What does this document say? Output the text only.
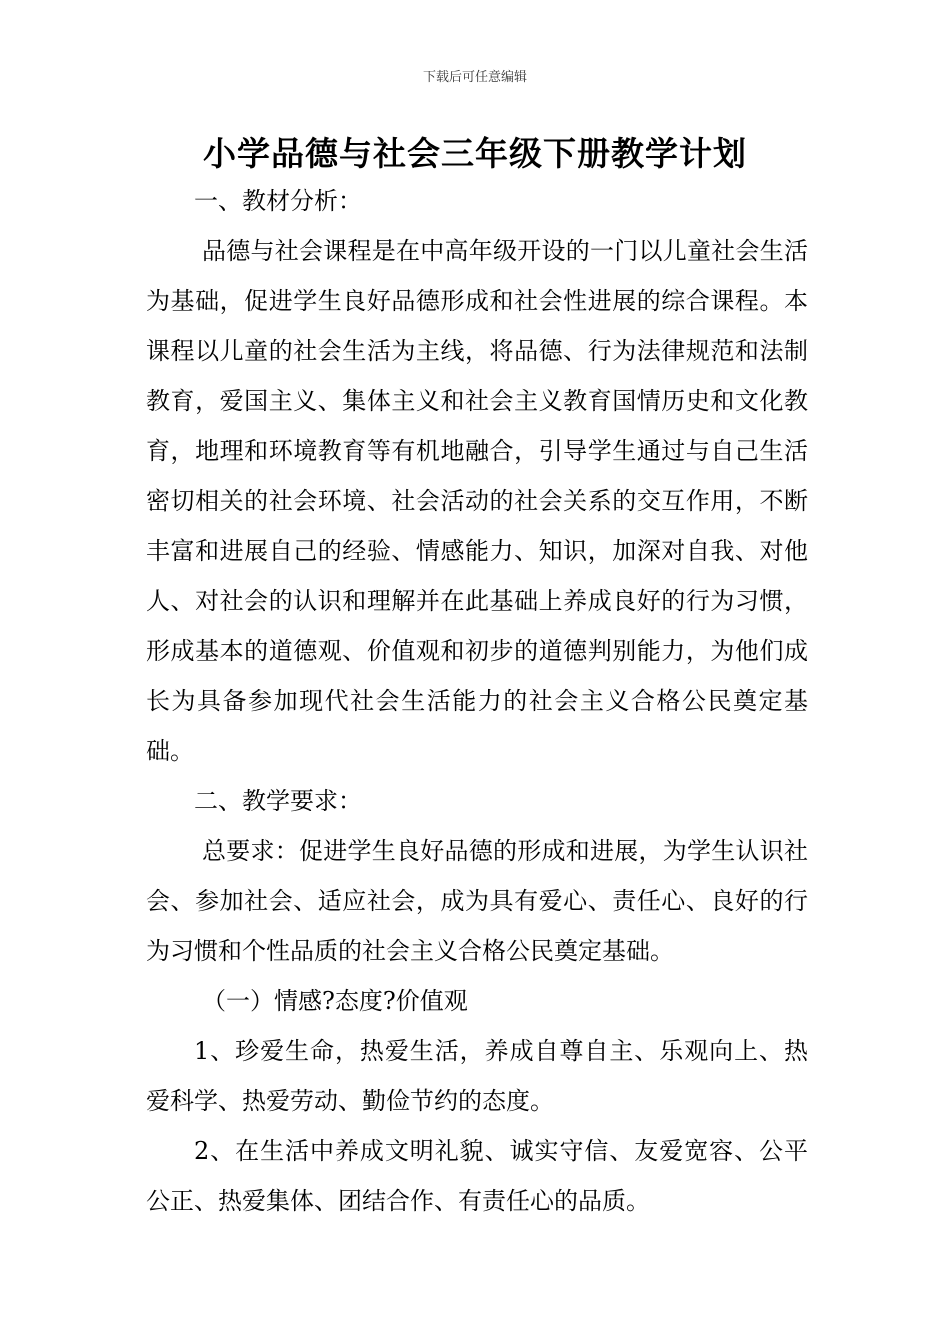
下载后可任意编辑
小学品德与社会三年级下册教学计划

一、教材分析：

品德与社会课程是在中高年级开设的一门以儿童社会生活为基础，促进学生良好品德形成和社会性进展的综合课程。本课程以儿童的社会生活为主线，将品德、行为法律规范和法制教育，爱国主义、集体主义和社会主义教育国情历史和文化教育，地理和环境教育等有机地融合，引导学生通过与自己生活密切相关的社会环境、社会活动的社会关系的交互作用，不断丰富和进展自己的经验、情感能力、知识，加深对自我、对他人、对社会的认识和理解并在此基础上养成良好的行为习惯，形成基本的道德观、价值观和初步的道德判别能力，为他们成长为具备参加现代社会生活能力的社会主义合格公民奠定基础。

二、教学要求：

总要求：促进学生良好品德的形成和进展，为学生认识社会、参加社会、适应社会，成为具有爱心、责任心、良好的行为习惯和个性品质的社会主义合格公民奠定基础。

（一）情感?态度?价值观

1、珍爱生命，热爱生活，养成自尊自主、乐观向上、热爱科学、热爱劳动、勤俭节约的态度。

2、在生活中养成文明礼貌、诚实守信、友爱宽容、公平公正、热爱集体、团结合作、有责任心的品质。
